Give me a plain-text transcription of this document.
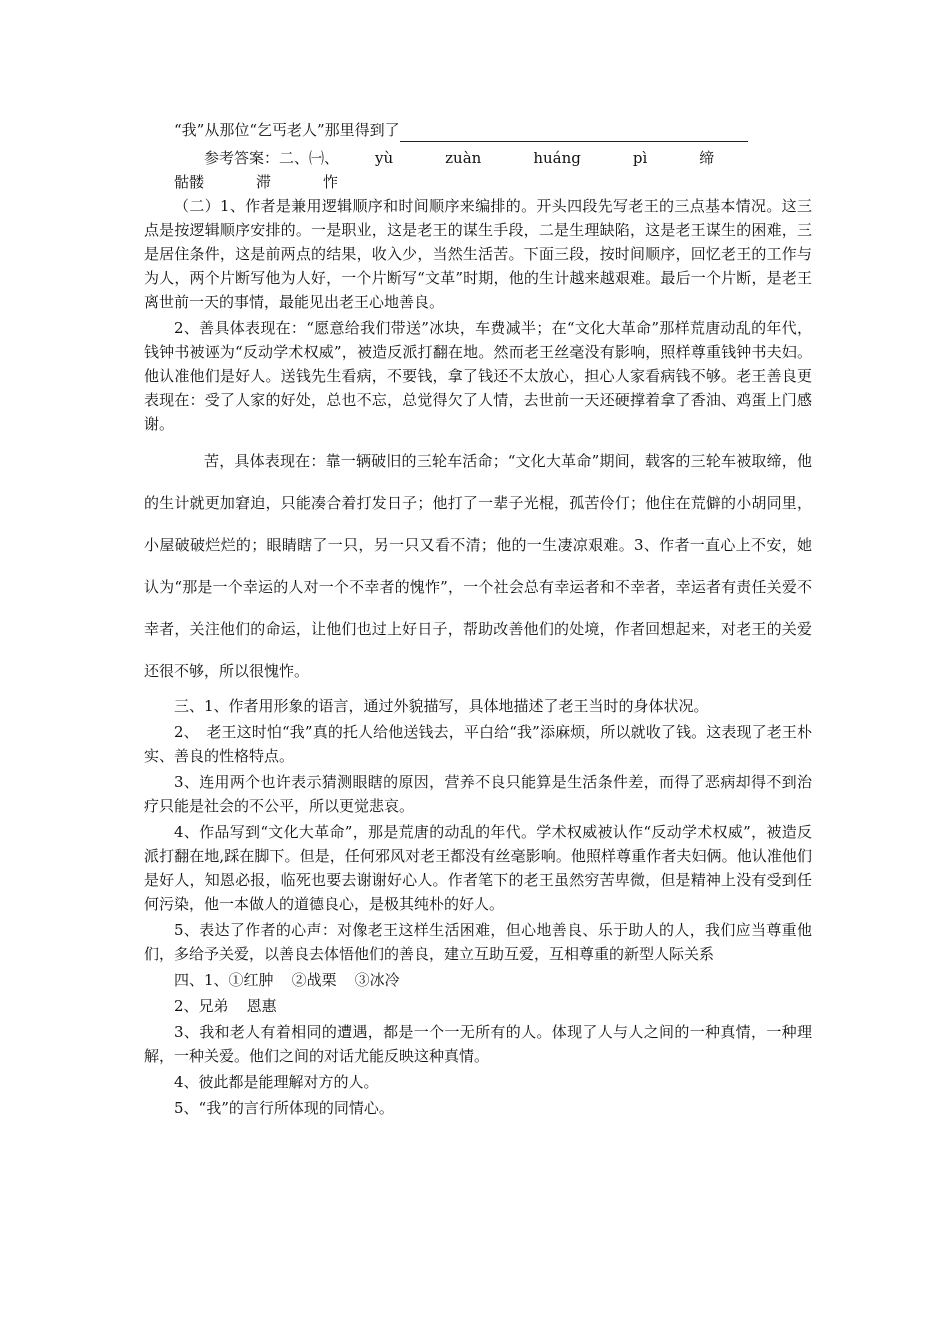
“我”从那位“乞丐老人”那里得到了

参考答案：二、㈠、 yù	zuàn	huáng	pì	缔骷髅	滞	怍

（二）1、作者是兼用逻辑顺序和时间顺序来编排的。开头四段先写老王的三点基本情况。这三点是按逻辑顺序安排的。一是职业，这是老王的谋生手段，二是生理缺陷，这是老王谋生的困难，三是居住条件，这是前两点的结果，收入少，当然生活苦。下面三段，按时间顺序，回忆老王的工作与为人，两个片断写他为人好，一个片断写“文革”时期，他的生计越来越艰难。最后一个片断，是老王离世前一天的事情，最能见出老王心地善良。

2、善具体表现在：“愿意给我们带送”冰块，车费减半；在“文化大革命”那样荒唐动乱的年代，钱钟书被诬为“反动学术权威”，被造反派打翻在地。然而老王丝毫没有影响，照样尊重钱钟书夫妇。他认准他们是好人。送钱先生看病，不要钱，拿了钱还不太放心，担心人家看病钱不够。老王善良更表现在：受了人家的好处，总也不忘，总觉得欠了人情，去世前一天还硬撑着拿了香油、鸡蛋上门感谢。

苦，具体表现在：靠一辆破旧的三轮车活命；“文化大革命”期间，载客的三轮车被取缔，他的生计就更加窘迫，只能凑合着打发日子；他打了一辈子光棍，孤苦伶仃；他住在荒僻的小胡同里，小屋破破烂烂的；眼睛瞎了一只，另一只又看不清；他的一生凄凉艰难。3、作者一直心上不安，她认为“那是一个幸运的人对一个不幸者的愧怍”，一个社会总有幸运者和不幸者，幸运者有责任关爱不幸者，关注他们的命运，让他们也过上好日子，帮助改善他们的处境，作者回想起来，对老王的关爱还很不够，所以很愧怍。

三、1、作者用形象的语言，通过外貌描写，具体地描述了老王当时的身体状况。

2、　老王这时怕“我”真的托人给他送钱去，平白给“我”添麻烦，所以就收了钱。这表现了老王朴实、善良的性格特点。

3、连用两个也许表示猜测眼瞎的原因，营养不良只能算是生活条件差，而得了恶病却得不到治疗只能是社会的不公平，所以更觉悲哀。

4、作品写到“文化大革命”，那是荒唐的动乱的年代。学术权威被认作“反动学术权威”，被造反派打翻在地,踩在脚下。但是，任何邪风对老王都没有丝毫影响。他照样尊重作者夫妇俩。他认准他们是好人，知恩必报，临死也要去谢谢好心人。作者笔下的老王虽然穷苦卑微，但是精神上没有受到任何污染，他一本做人的道德良心，是极其纯朴的好人。

5、表达了作者的心声：对像老王这样生活困难，但心地善良、乐于助人的人，我们应当尊重他们，多给予关爱，以善良去体悟他们的善良，建立互助互爱，互相尊重的新型人际关系

四、1、①红肿 ②战栗 ③冰冷

2、兄弟 恩惠

3、我和老人有着相同的遭遇，都是一个一无所有的人。体现了人与人之间的一种真情，一种理解，一种关爱。他们之间的对话尤能反映这种真情。

4、彼此都是能理解对方的人。

5、“我”的言行所体现的同情心。
